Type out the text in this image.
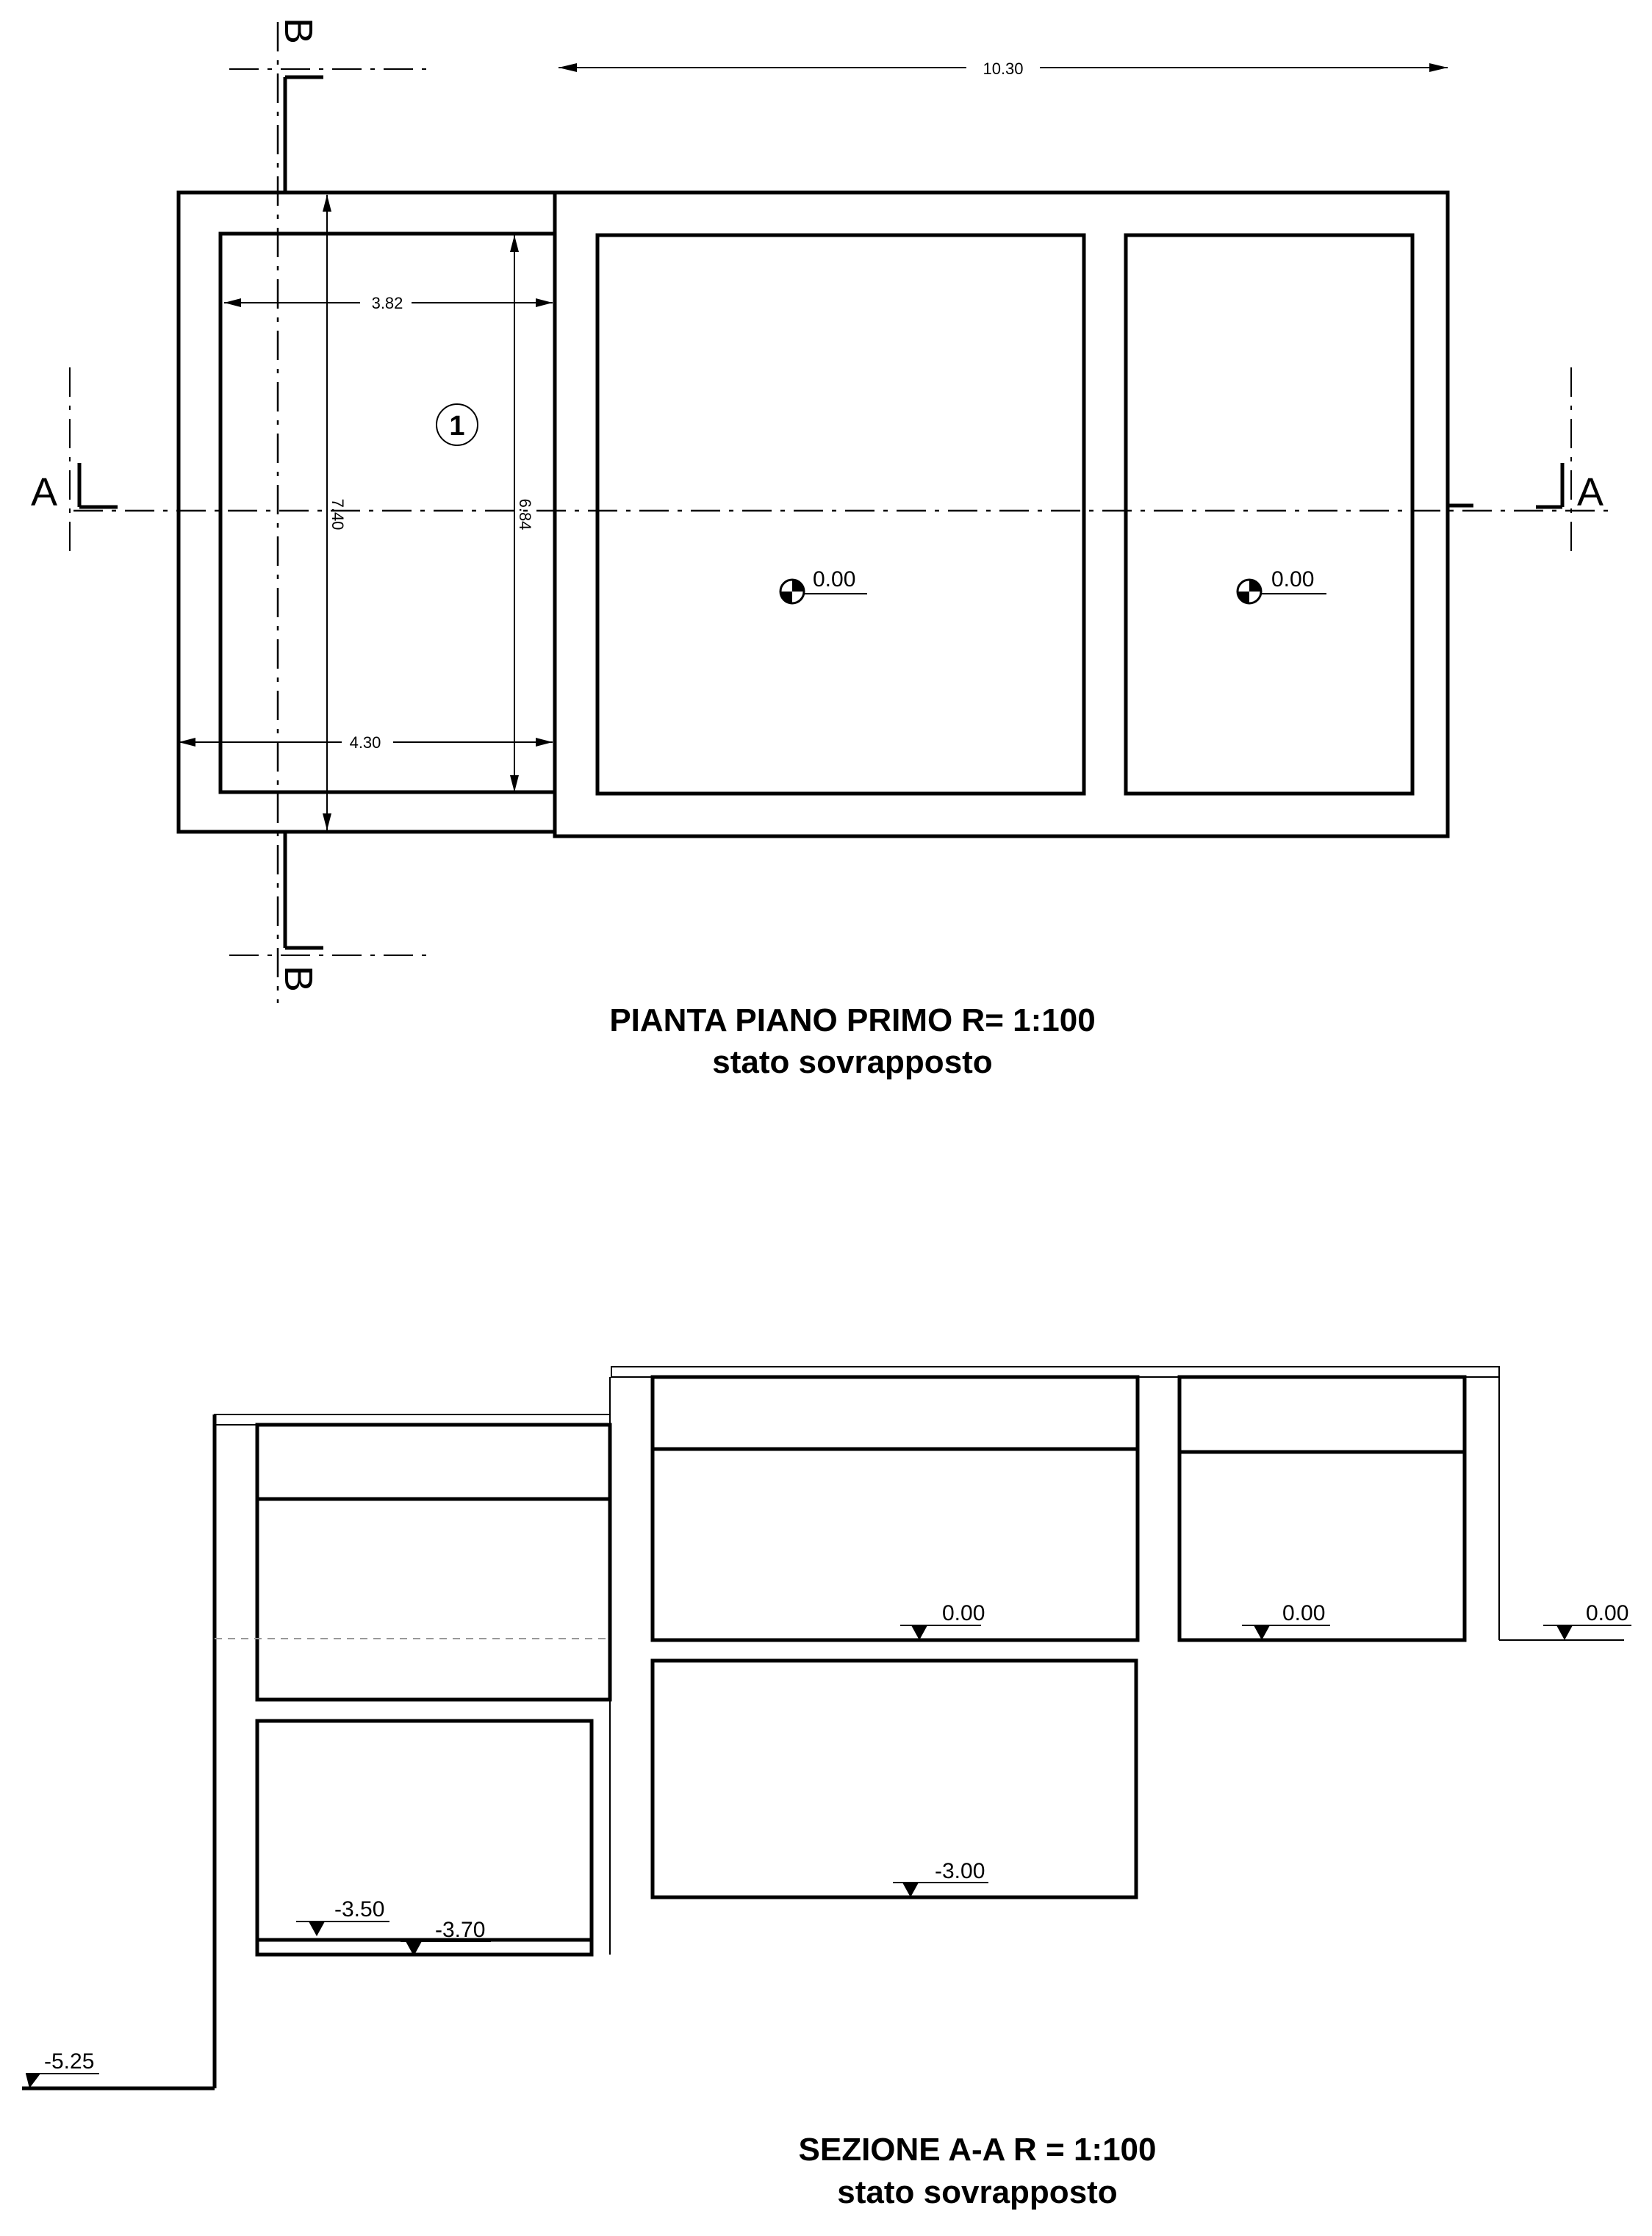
10.30
3.82
4.30
7.40	6.84
1
0.00	0.00
A	A
B
B
PIANTA PIANO PRIMO R= 1:100
stato sovrapposto
0.00	0.00	0.00
-3.00
-3.50
-3.70
-5.25
SEZIONE A-A R = 1:100
stato sovrapposto
